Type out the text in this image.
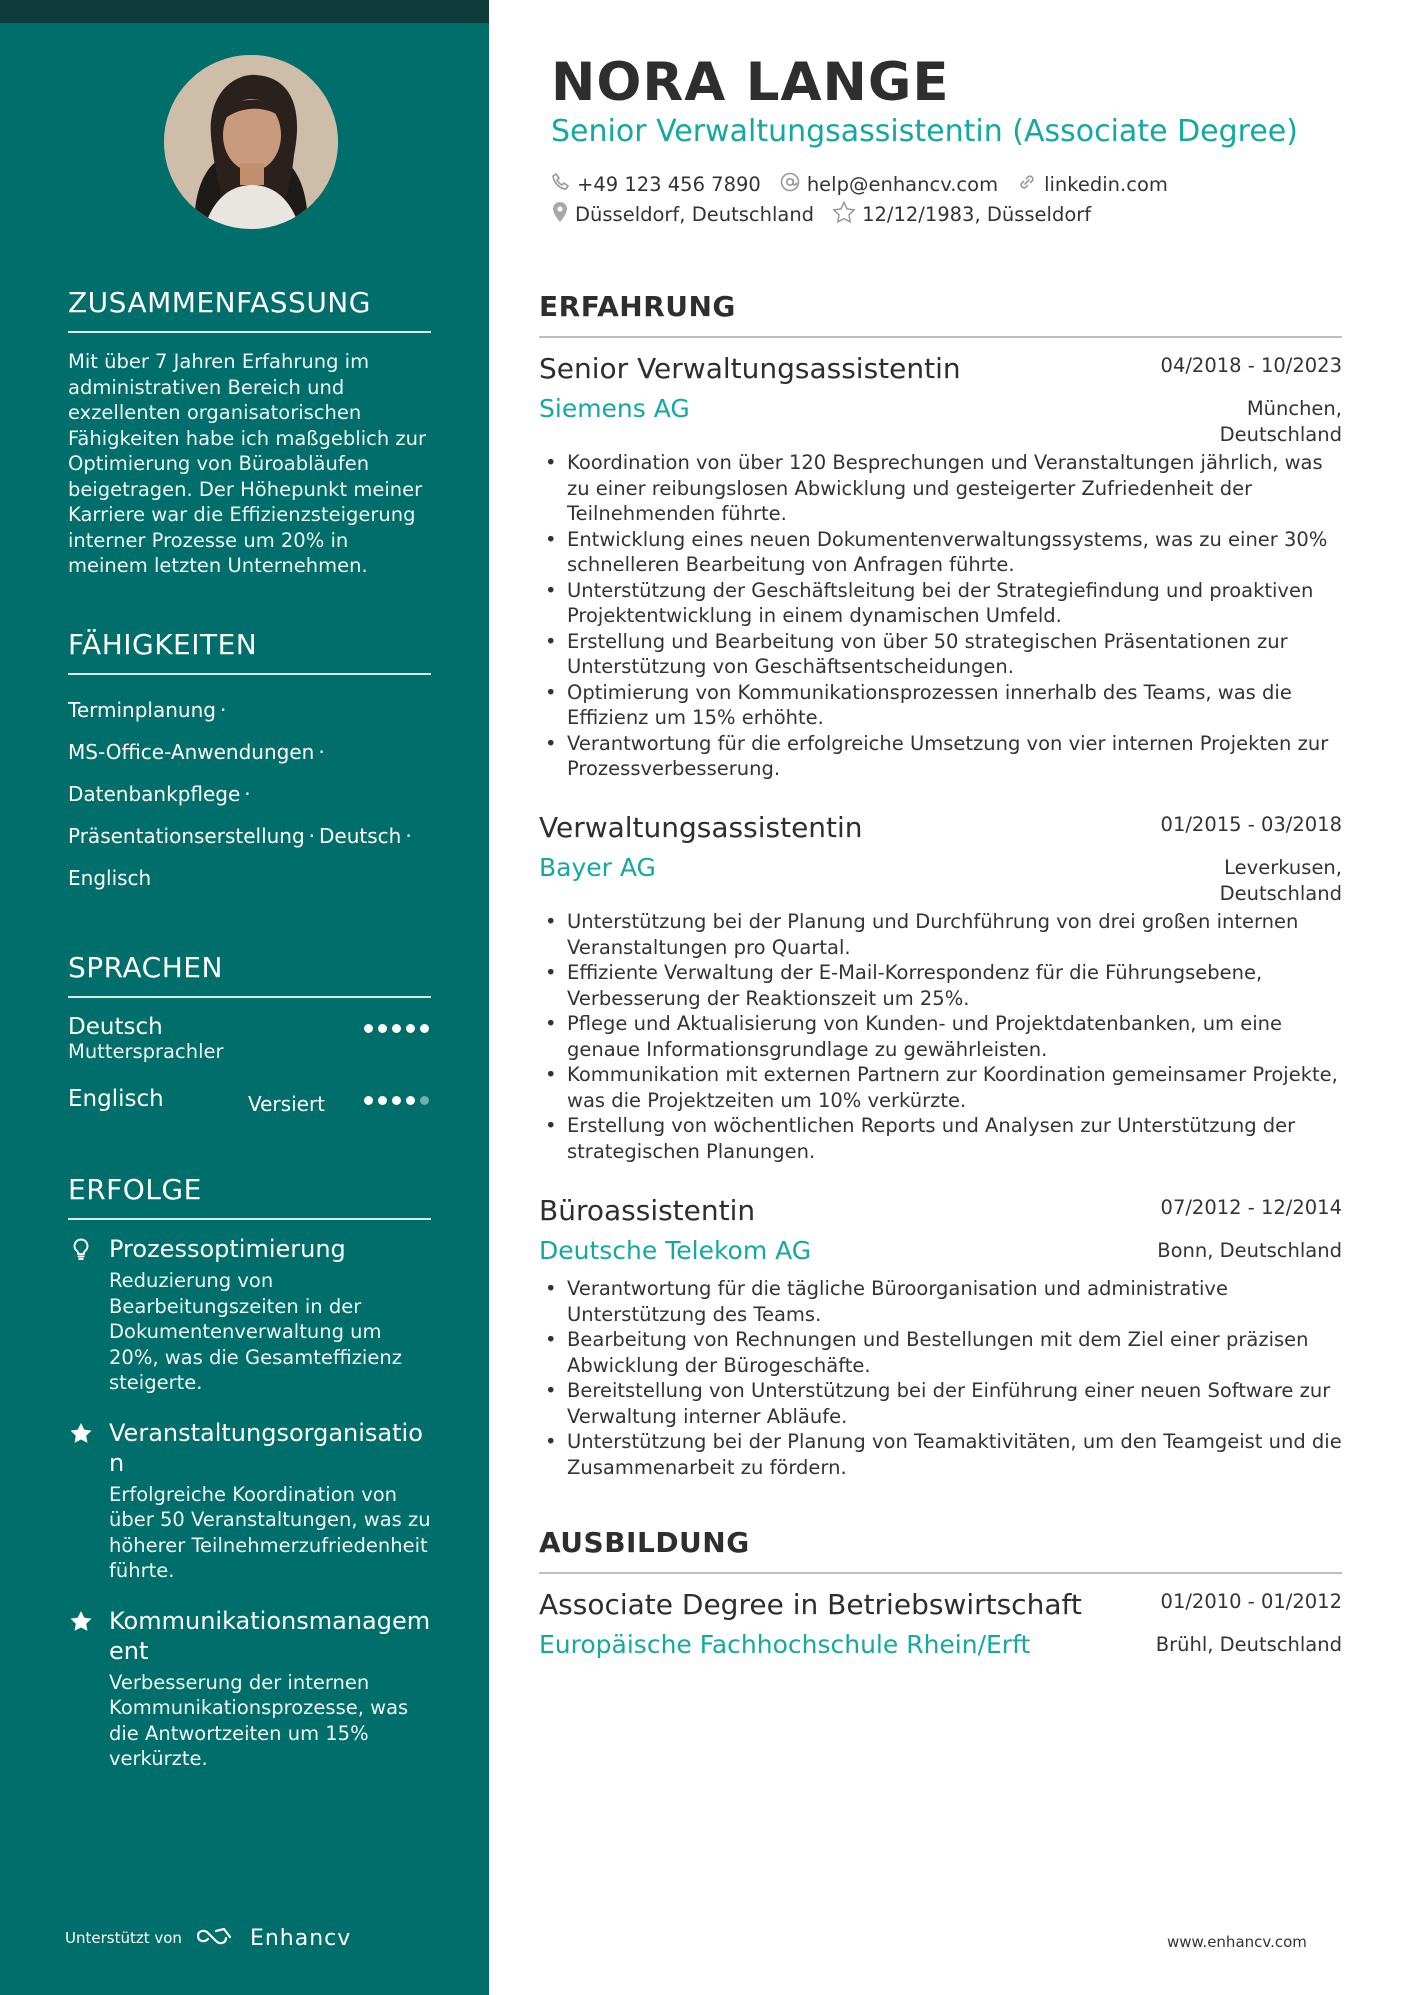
ZUSAMMENFASSUNG

Mit über 7 Jahren Erfahrung im administrativen Bereich und exzellenten organisatorischen Fähigkeiten habe ich maßgeblich zur Optimierung von Büroabläufen beigetragen. Der Höhepunkt meiner Karriere war die Effizienzsteigerung interner Prozesse um 20% in meinem letzten Unternehmen.

FÄHIGKEITEN
Terminplanung ·
MS-Office-Anwendungen ·
Datenbankpflege ·
Präsentationserstellung · Deutsch ·
Englisch
SPRACHEN
Deutsch
Muttersprachler
Englisch	Versiert
ERFOLGE
Prozessoptimierung
Reduzierung von Bearbeitungszeiten in der Dokumentenverwaltung um 20%, was die Gesamteffizienz steigerte.
Veranstaltungsorganisation
Erfolgreiche Koordination von über 50 Veranstaltungen, was zu höherer Teilnehmerzufriedenheit führte.
Kommunikationsmanagement
Verbesserung der internen Kommunikationsprozesse, was die Antwortzeiten um 15% verkürzte.
Unterstützt von	Enhancv
NORA LANGE
Senior Verwaltungsassistentin (Associate Degree)
+49 123 456 7890 help@enhancv.com linkedin.com
Düsseldorf, Deutschland 12/12/1983, Düsseldorf
ERFAHRUNG
Senior Verwaltungsassistentin	04/2018 - 10/2023
Siemens AG	München,
Deutschland
• Koordination von über 120 Besprechungen und Veranstaltungen jährlich, was zu einer reibungslosen Abwicklung und gesteigerter Zufriedenheit der Teilnehmenden führte.
• Entwicklung eines neuen Dokumentenverwaltungssystems, was zu einer 30% schnelleren Bearbeitung von Anfragen führte.
• Unterstützung der Geschäftsleitung bei der Strategiefindung und proaktiven Projektentwicklung in einem dynamischen Umfeld.
• Erstellung und Bearbeitung von über 50 strategischen Präsentationen zur Unterstützung von Geschäftsentscheidungen.
• Optimierung von Kommunikationsprozessen innerhalb des Teams, was die Effizienz um 15% erhöhte.
• Verantwortung für die erfolgreiche Umsetzung von vier internen Projekten zur Prozessverbesserung.
Verwaltungsassistentin	01/2015 - 03/2018
Bayer AG	Leverkusen,
Deutschland
• Unterstützung bei der Planung und Durchführung von drei großen internen Veranstaltungen pro Quartal.
• Effiziente Verwaltung der E-Mail-Korrespondenz für die Führungsebene, Verbesserung der Reaktionszeit um 25%.
• Pflege und Aktualisierung von Kunden- und Projektdatenbanken, um eine genaue Informationsgrundlage zu gewährleisten.
• Kommunikation mit externen Partnern zur Koordination gemeinsamer Projekte, was die Projektzeiten um 10% verkürzte.
• Erstellung von wöchentlichen Reports und Analysen zur Unterstützung der strategischen Planungen.
Büroassistentin	07/2012 - 12/2014
Deutsche Telekom AG	Bonn, Deutschland
• Verantwortung für die tägliche Büroorganisation und administrative Unterstützung des Teams.
• Bearbeitung von Rechnungen und Bestellungen mit dem Ziel einer präzisen Abwicklung der Bürogeschäfte.
• Bereitstellung von Unterstützung bei der Einführung einer neuen Software zur Verwaltung interner Abläufe.
• Unterstützung bei der Planung von Teamaktivitäten, um den Teamgeist und die Zusammenarbeit zu fördern.
AUSBILDUNG
Associate Degree in Betriebswirtschaft	01/2010 - 01/2012
Europäische Fachhochschule Rhein/Erft	Brühl, Deutschland
www.enhancv.com
